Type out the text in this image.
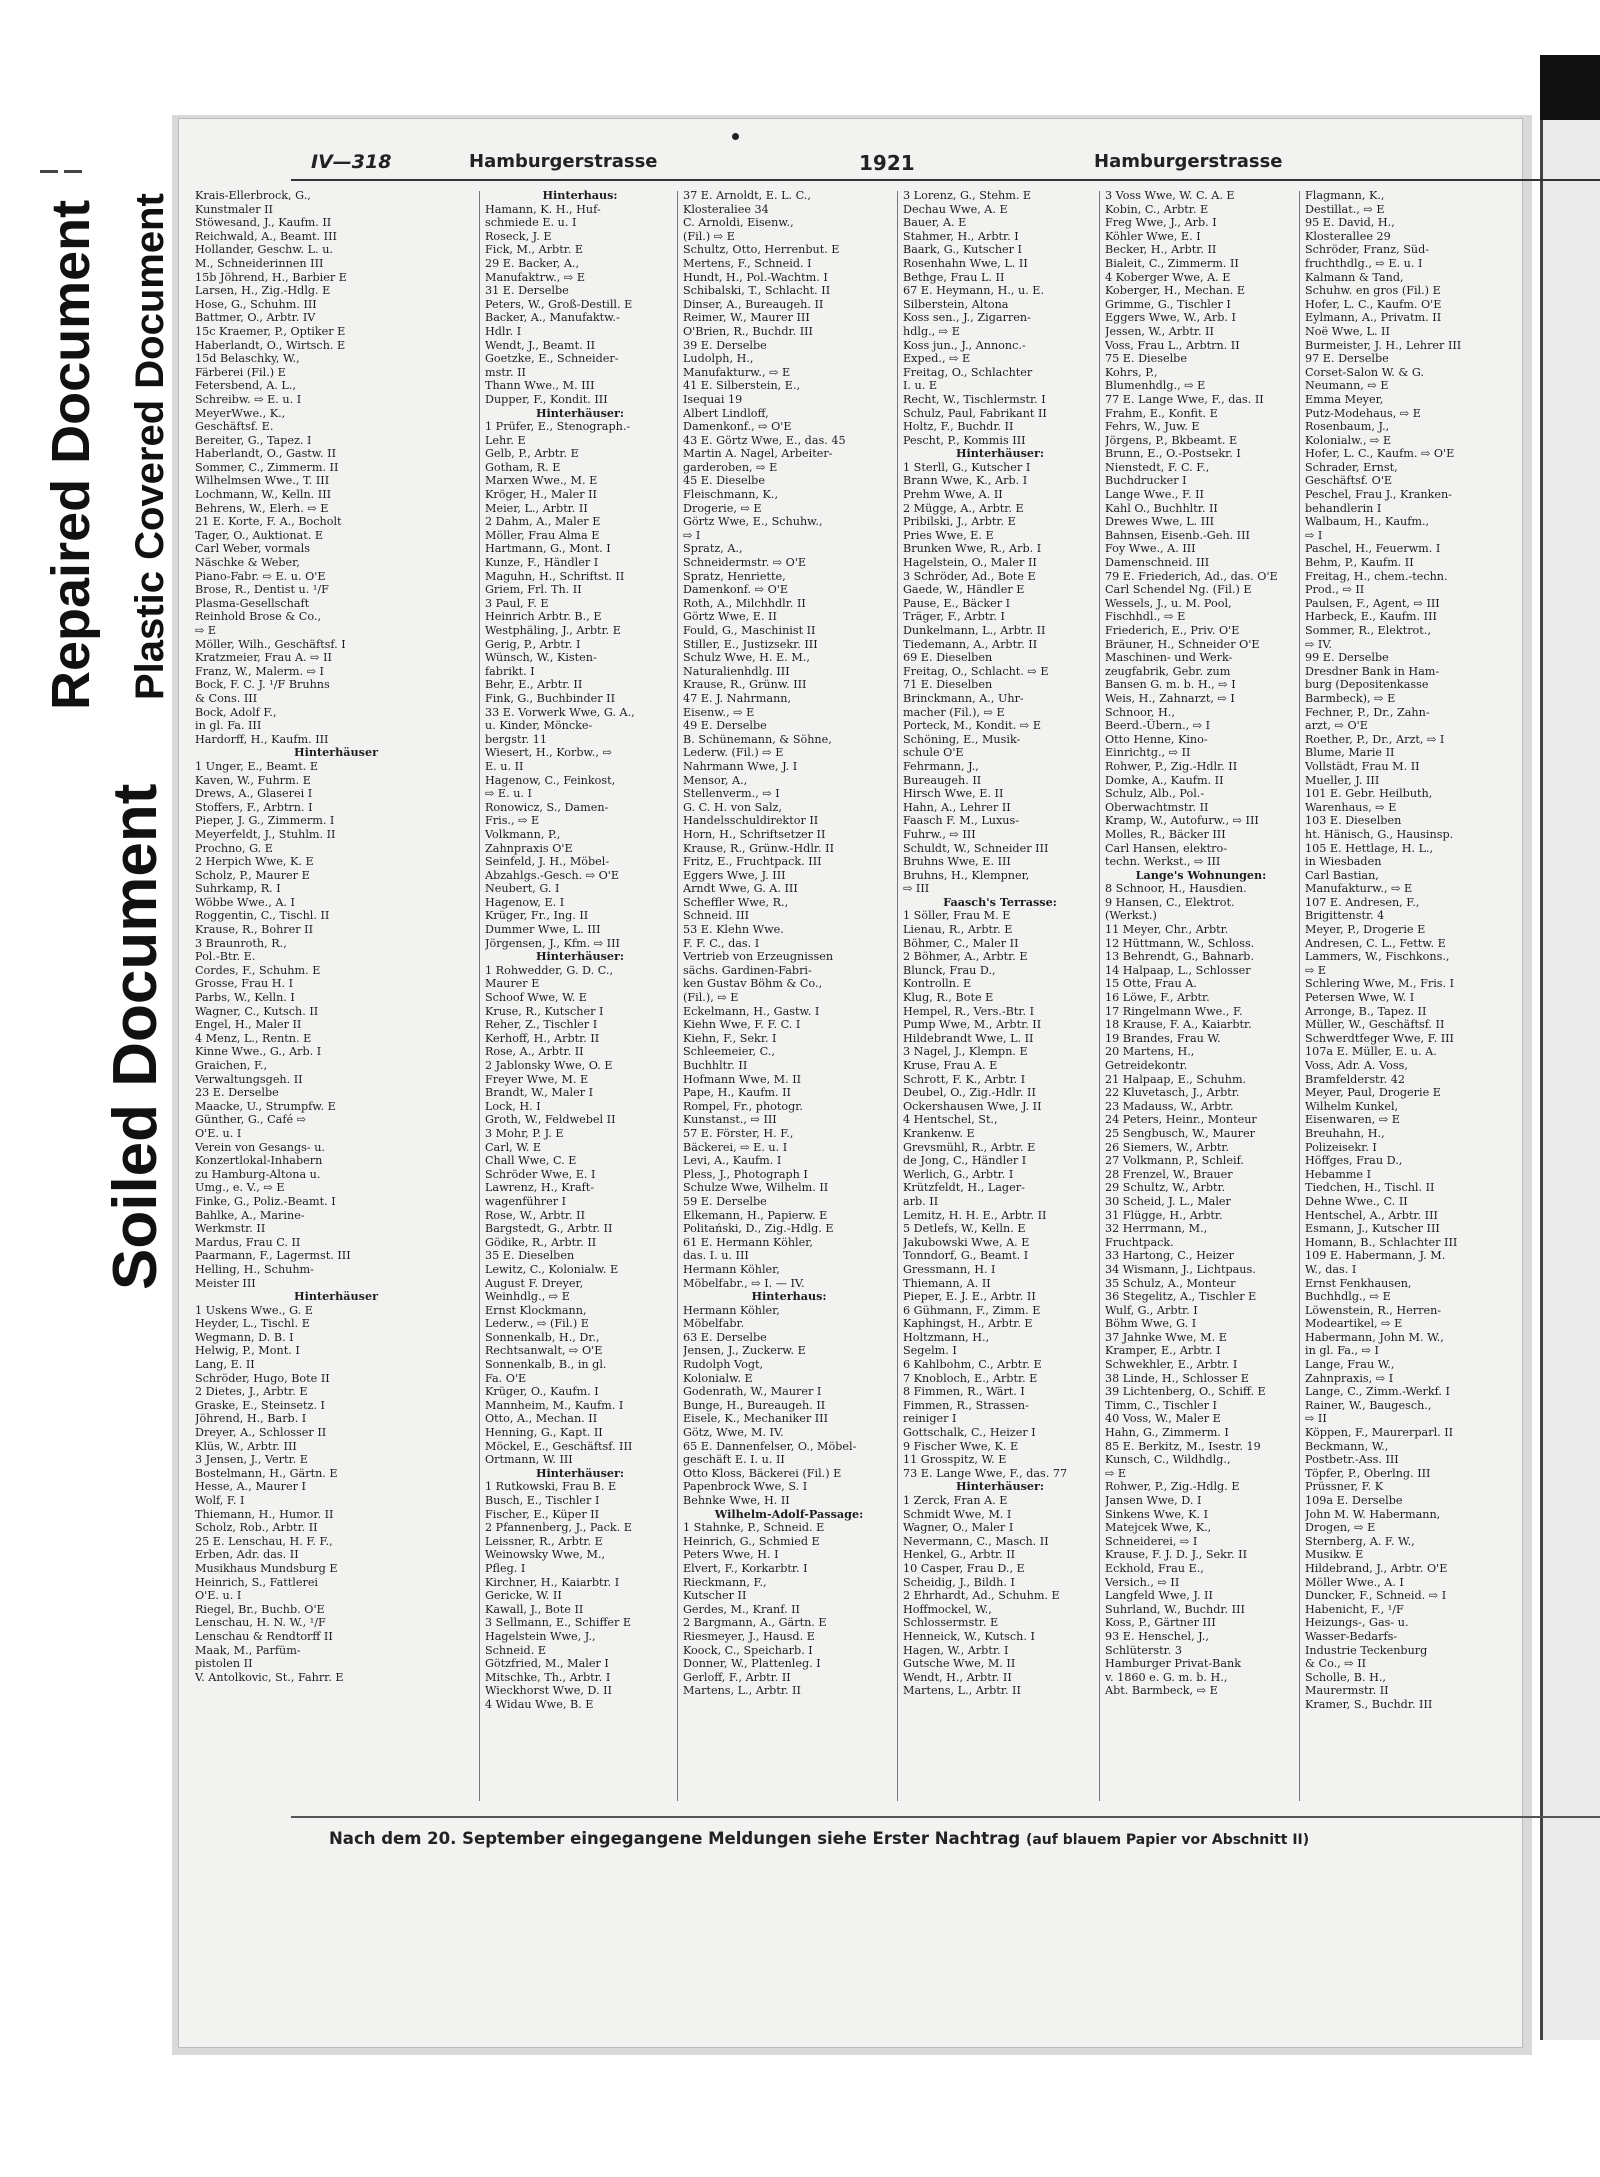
Repaired Document Plastic Covered Document
Soiled Document
IV—318	Hamburgerstrasse	1921	Hamburgerstrasse
Krais-Ellerbrock, G.,
Kunstmaler II
Stöwesand, J., Kaufm. II
Reichwald, A., Beamt. III
Hollander, Geschw. L. u.
M., Schneiderinnen III
15b Jöhrend, H., Barbier E
Larsen, H., Zig.-Hdlg. E
Hose, G., Schuhm. III
Battmer, O., Arbtr. IV
15c Kraemer, P., Optiker E
Haberlandt, O., Wirtsch. E
15d Belaschky, W.,
Färberei (Fil.) E
Fetersbend, A. L.,
Schreibw. ⇨ E. u. I
MeyerWwe., K.,
Geschäftsf. E.
Bereiter, G., Tapez. I
Haberlandt, O., Gastw. II
Sommer, C., Zimmerm. II
Wilhelmsen Wwe., T. III
Lochmann, W., Kelln. III
Behrens, W., Elerh. ⇨ E
21 E. Korte, F. A., Bocholt
Tager, O., Auktionat. E
Carl Weber, vormals
Näschke & Weber,
Piano-Fabr. ⇨ E. u. O'E
Brose, R., Dentist u. ¹/F
Plasma-Gesellschaft
Reinhold Brose & Co.,
⇨ E
Möller, Wilh., Geschäftsf. I
Kratzmeier, Frau A. ⇨ II
Franz, W., Malerm. ⇨ I
Bock, F. C. J. ¹/F Bruhns
& Cons. III
Bock, Adolf F.,
in gl. Fa. III
Hardorff, H., Kaufm. III
Hinterhäuser
1 Unger, E., Beamt. E
Kaven, W., Fuhrm. E
Drews, A., Glaserei I
Stoffers, F., Arbtrn. I
Pieper, J. G., Zimmerm. I
Meyerfeldt, J., Stuhlm. II
Prochno, G. E
2 Herpich Wwe, K. E
Scholz, P., Maurer E
Suhrkamp, R. I
Wöbbe Wwe., A. I
Roggentin, C., Tischl. II
Krause, R., Bohrer II
3 Braunroth, R.,
Pol.-Btr. E.
Cordes, F., Schuhm. E
Grosse, Frau H. I
Parbs, W., Kelln. I
Wagner, C., Kutsch. II
Engel, H., Maler II
4 Menz, L., Rentn. E
Kinne Wwe., G., Arb. I
Graichen, F.,
Verwaltungsgeh. II
23 E. Derselbe
Maacke, U., Strumpfw. E
Günther, G., Café ⇨
O'E. u. I
Verein von Gesangs- u.
Konzertlokal-Inhabern
zu Hamburg-Altona u.
Umg., e. V., ⇨ E
Finke, G., Poliz.-Beamt. I
Bahlke, A., Marine-
Werkmstr. II
Mardus, Frau C. II
Paarmann, F., Lagermst. III
Helling, H., Schuhm-
Meister III
Hinterhäuser
1 Uskens Wwe., G. E
Heyder, L., Tischl. E
Wegmann, D. B. I
Helwig, P., Mont. I
Lang, E. II
Schröder, Hugo, Bote II
2 Dietes, J., Arbtr. E
Graske, E., Steinsetz. I
Jöhrend, H., Barb. I
Dreyer, A., Schlosser II
Klüs, W., Arbtr. III
3 Jensen, J., Vertr. E
Bostelmann, H., Gärtn. E
Hesse, A., Maurer I
Wolf, F. I
Thiemann, H., Humor. II
Scholz, Rob., Arbtr. II
25 E. Lenschau, H. F. F.,
Erben, Adr. das. II
Musikhaus Mundsburg E
Heinrich, S., Fattlerei
O'E. u. I
Riegel, Br., Buchb. O'E
Lenschau, H. N. W., ¹/F
Lenschau & Rendtorff II
Maak, M., Parfüm-
pistolen II
V. Antolkovic, St., Fahrr. E
Hinterhaus:
Hamann, K. H., Huf-
schmiede E. u. I
Roseck, J. E
Fick, M., Arbtr. E
29 E. Backer, A.,
Manufaktrw., ⇨ E
31 E. Derselbe
Peters, W., Groß-Destill. E
Backer, A., Manufaktw.-
Hdlr. I
Wendt, J., Beamt. II
Goetzke, E., Schneider-
mstr. II
Thann Wwe., M. III
Dupper, F., Kondit. III
Hinterhäuser:
1 Prüfer, E., Stenograph.-
Lehr. E
Gelb, P., Arbtr. E
Gotham, R. E
Marxen Wwe., M. E
Kröger, H., Maler II
Meier, L., Arbtr. II
2 Dahm, A., Maler E
Möller, Frau Alma E
Hartmann, G., Mont. I
Kunze, F., Händler I
Maguhn, H., Schriftst. II
Griem, Frl. Th. II
3 Paul, F. E
Heinrich Arbtr. B., E
Westphäling, J., Arbtr. E
Gerig, P., Arbtr. I
Wünsch, W., Kisten-
fabrikt. I
Behr, E., Arbtr. II
Fink, G., Buchbinder II
33 E. Vorwerk Wwe, G. A.,
u. Kinder, Mönckе-
bergstr. 11
Wiesert, H., Korbw., ⇨
E. u. II
Hagenow, C., Feinkost,
⇨ E. u. I
Ronowicz, S., Damen-
Fris., ⇨ E
Volkmann, P.,
Zahnpraxis O'E
Seinfeld, J. H., Möbel-
Abzahlgs.-Gesch. ⇨ O'E
Neubert, G. I
Hagenow, E. I
Krüger, Fr., Ing. II
Dummer Wwe, L. III
Jörgensen, J., Kfm. ⇨ III
Hinterhäuser:
1 Rohwedder, G. D. C.,
Maurer E
Schoof Wwe, W. E
Kruse, R., Kutscher I
Reher, Z., Tischler I
Kerhoff, H., Arbtr. II
Rose, A., Arbtr. II
2 Jablonsky Wwe, O. E
Freyer Wwe, M. E
Brandt, W., Maler I
Lock, H. I
Groth, W., Feldwebel II
3 Mohr, P. J. E
Carl, W. E
Chall Wwe, C. E
Schröder Wwe, E. I
Lawrenz, H., Kraft-
wagenführer I
Rose, W., Arbtr. II
Bargstedt, G., Arbtr. II
Gödike, R., Arbtr. II
35 E. Dieselben
Lewitz, C., Kolonialw. E
August F. Dreyer,
Weinhdlg., ⇨ E
Ernst Klockmann,
Lederw., ⇨ (Fil.) E
Sonnenkalb, H., Dr.,
Rechtsanwalt, ⇨ O'E
Sonnenkalb, B., in gl.
Fa. O'E
Krüger, O., Kaufm. I
Mannheim, M., Kaufm. I
Otto, A., Mechan. II
Henning, G., Kapt. II
Möckel, E., Geschäftsf. III
Ortmann, W. III
Hinterhäuser:
1 Rutkowski, Frau B. E
Busch, E., Tischler I
Fischer, E., Küper II
2 Pfannenberg, J., Pack. E
Leissner, R., Arbtr. E
Weinowsky Wwe, M.,
Pfleg. I
Kirchner, H., Kaiarbtr. I
Gericke, W. II
Kawall, J., Bote II
3 Sellmann, E., Schiffer E
Hagelstein Wwe, J.,
Schneid. E
Götzfried, M., Maler I
Mitschke, Th., Arbtr. I
Wieckhorst Wwe, D. II
4 Widau Wwe, B. E
37 E. Arnoldt, E. L. C.,
Klosteraliee 34
C. Arnoldi, Eisenw.,
(Fil.) ⇨ E
Schultz, Otto, Herrenbut. E
Mertens, F., Schneid. I
Hundt, H., Pol.-Wachtm. I
Schibalski, T., Schlacht. II
Dinser, A., Bureaugeh. II
Reimer, W., Maurer III
O'Brien, R., Buchdr. III
39 E. Derselbe
Ludolph, H.,
Manufakturw., ⇨ E
41 E. Silberstein, E.,
Isequai 19
Albert Lindloff,
Damenkonf., ⇨ O'E
43 E. Görtz Wwe, E., das. 45
Martin A. Nagel, Arbeiter-
garderoben, ⇨ E
45 E. Dieselbe
Fleischmann, K.,
Drogerie, ⇨ E
Görtz Wwe, E., Schuhw.,
⇨ I
Spratz, A.,
Schneidermstr. ⇨ O'E
Spratz, Henriette,
Damenkonf. ⇨ O'E
Roth, A., Milchhdlr. II
Görtz Wwe, E. II
Fould, G., Maschinist II
Stiller, E., Justizsekr. III
Schulz Wwe, H. E. M.,
Naturalienhdlg. III
Krause, R., Grünw. III
47 E. J. Nahrmann,
Eisenw., ⇨ E
49 E. Derselbe
B. Schünemann, & Söhne,
Lederw. (Fil.) ⇨ E
Nahrmann Wwe, J. I
Mensor, A.,
Stellenverm., ⇨ I
G. C. H. von Salz,
Handelsschuldirektor II
Horn, H., Schriftsetzer II
Krause, R., Grünw.-Hdlr. II
Fritz, E., Fruchtpack. III
Eggers Wwe, J. III
Arndt Wwe, G. A. III
Scheffler Wwe, R.,
Schneid. III
53 E. Klehn Wwe.
F. F. C., das. I
Vertrieb von Erzeugnissen
sächs. Gardinen-Fabri-
ken Gustav Böhm & Co.,
(Fil.), ⇨ E
Eckelmann, H., Gastw. I
Kiehn Wwe, F. F. C. I
Kiehn, F., Sekr. I
Schleemeier, C.,
Buchhltr. II
Hofmann Wwe, M. II
Pape, H., Kaufm. II
Rompel, Fr., photogr.
Kunstanst., ⇨ III
57 E. Förster, H. F.,
Bäckerei, ⇨ E. u. I
Levi, A., Kaufm. I
Pless, J., Photograph I
Schulze Wwe, Wilhelm. II
59 E. Derselbe
Elkemann, H., Papierw. E
Politański, D., Zig.-Hdlg. E
61 E. Hermann Köhler,
das. I. u. III
Hermann Köhler,
Möbelfabr., ⇨ I. — IV.
Hinterhaus:
Hermann Köhler,
Möbelfabr.
63 E. Derselbe
Jensen, J., Zuckerw. E
Rudolph Vogt,
Kolonialw. E
Godenrath, W., Maurer I
Bunge, H., Bureaugeh. II
Eisele, K., Mechaniker III
Götz, Wwe, M. IV.
65 E. Dannenfelser, O., Möbel-
geschäft E. I. u. II
Otto Kloss, Bäckerei (Fil.) E
Papenbrock Wwe, S. I
Behnke Wwe, H. II
Wilhelm-Adolf-Passage:
1 Stahnke, P., Schneid. E
Heinrich, G., Schmied E
Peters Wwe, H. I
Elvert, F., Korkarbtr. I
Rieckmann, F.,
Kutscher II
Gerdes, M., Kranf. II
2 Bargmann, A., Gärtn. E
Riesmeyer, J., Hausd. E
Koock, C., Speicharb. I
Donner, W., Plattenleg. I
Gerloff, F., Arbtr. II
Martens, L., Arbtr. II
3 Lorenz, G., Stehm. E
Dechau Wwe, A. E
Bauer, A. E
Stahmer, H., Arbtr. I
Baark, G., Kutscher I
Rosenhahn Wwe, L. II
Bethge, Frau L. II
67 E. Heymann, H., u. E.
Silberstein, Altona
Koss sen., J., Zigarren-
hdlg., ⇨ E
Koss jun., J., Annonc.-
Exped., ⇨ E
Freitag, O., Schlachter
I. u. E
Recht, W., Tischlermstr. I
Schulz, Paul, Fabrikant II
Holtz, F., Buchdr. II
Pescht, P., Kommis III
Hinterhäuser:
1 Sterll, G., Kutscher I
Brann Wwe, K., Arb. I
Prehm Wwe, A. II
2 Mügge, A., Arbtr. E
Pribilski, J., Arbtr. E
Pries Wwe, E. E
Brunken Wwe, R., Arb. I
Hagelstein, O., Maler II
3 Schröder, Ad., Bote E
Gaede, W., Händler E
Pause, E., Bäcker I
Träger, F., Arbtr. I
Dunkelmann, L., Arbtr. II
Tiedemann, A., Arbtr. II
69 E. Dieselben
Freitag, O., Schlacht. ⇨ E
71 E. Dieselben
Brinckmann, A., Uhr-
macher (Fil.), ⇨ E
Porteck, M., Kondit. ⇨ E
Schöning, E., Musik-
schule O'E
Fehrmann, J.,
Bureaugeh. II
Hirsch Wwe, E. II
Hahn, A., Lehrer II
Faasch F. M., Luxus-
Fuhrw., ⇨ III
Schuldt, W., Schneider III
Bruhns Wwe, E. III
Bruhns, H., Klempner,
⇨ III
Faasch's Terrasse:
1 Söller, Frau M. E
Lienau, R., Arbtr. E
Böhmer, C., Maler II
2 Böhmer, A., Arbtr. E
Blunck, Frau D.,
Kontrolln. E
Klug, R., Bote E
Hempel, R., Vers.-Btr. I
Pump Wwe, M., Arbtr. II
Hildebrandt Wwe, L. II
3 Nagel, J., Klempn. E
Kruse, Frau A. E
Schrott, F. K., Arbtr. I
Deubel, O., Zig.-Hdlr. II
Ockershausen Wwe, J. II
4 Hentschel, St.,
Krankenw. E
Grevsmühl, R., Arbtr. E
de Jong, C., Händler I
Werlich, G., Arbtr. I
Krützfeldt, H., Lager-
arb. II
Lemitz, H. H. E., Arbtr. II
5 Detlefs, W., Kelln. E
Jakubowski Wwe, A. E
Tonndorf, G., Beamt. I
Gressmann, H. I
Thiemann, A. II
Pieper, E. J. E., Arbtr. II
6 Gühmann, F., Zimm. E
Kaphingst, H., Arbtr. E
Holtzmann, H.,
Segelm. I
6 Kahlbohm, C., Arbtr. E
7 Knobloch, E., Arbtr. E
8 Fimmen, R., Wärt. I
Fimmen, R., Strassen-
reiniger I
Gottschalk, C., Heizer I
9 Fischer Wwe, K. E
11 Grosspitz, W. E
73 E. Lange Wwe, F., das. 77
Hinterhäuser:
1 Zerck, Fran A. E
Schmidt Wwe, M. I
Wagner, O., Maler I
Nevermann, C., Masch. II
Henkel, G., Arbtr. II
10 Casper, Frau D., E
Scheidig, J., Bildh. I
2 Ehrhardt, Ad., Schuhm. E
Hoffmockel, W.,
Schlossermstr. E
Henneick, W., Kutsch. I
Hagen, W., Arbtr. I
Gutsche Wwe, M. II
Wendt, H., Arbtr. II
Martens, L., Arbtr. II
3 Voss Wwe, W. C. A. E
Kobin, C., Arbtr. E
Freg Wwe, J., Arb. I
Köhler Wwe, E. I
Becker, H., Arbtr. II
Bialeit, C., Zimmerm. II
4 Koberger Wwe, A. E
Koberger, H., Mechan. E
Grimme, G., Tischler I
Eggers Wwe, W., Arb. I
Jessen, W., Arbtr. II
Voss, Frau L., Arbtrn. II
75 E. Dieselbe
Kohrs, P.,
Blumenhdlg., ⇨ E
77 E. Lange Wwe, F., das. II
Frahm, E., Konfit. E
Fehrs, W., Juw. E
Jörgens, P., Bkbeamt. E
Brunn, E., O.-Postsekr. I
Nienstedt, F. C. F.,
Buchdrucker I
Lange Wwe., F. II
Kahl O., Buchhltr. II
Drewes Wwe, L. III
Bahnsen, Eisenb.-Geh. III
Foy Wwe., A. III
Damenschneid. III
79 E. Friederich, Ad., das. O'E
Carl Schendel Ng. (Fil.) E
Wessels, J., u. M. Pool,
Fischhdl., ⇨ E
Friederich, E., Priv. O'E
Bräuner, H., Schneider O'E
Maschinen- und Werk-
zeugfabrik, Gebr. zum
Bansen G. m. b. H., ⇨ I
Weis, H., Zahnarzt, ⇨ I
Schnoor, H.,
Beerd.-Übern., ⇨ I
Otto Henne, Kino-
Einrichtg., ⇨ II
Rohwer, P., Zig.-Hdlr. II
Domke, A., Kaufm. II
Schulz, Alb., Pol.-
Oberwachtmstr. II
Kramp, W., Autofurw., ⇨ III
Molles, R., Bäcker III
Carl Hansen, elektro-
techn. Werkst., ⇨ III
Lange's Wohnungen:
8 Schnoor, H., Hausdien.
9 Hansen, C., Elektrot.
(Werkst.)
11 Meyer, Chr., Arbtr.
12 Hüttmann, W., Schloss.
13 Behrendt, G., Bahnarb.
14 Halpaap, L., Schlosser
15 Otte, Frau A.
16 Löwe, F., Arbtr.
17 Ringelmann Wwe., F.
18 Krause, F. A., Kaiarbtr.
19 Brandes, Frau W.
20 Martens, H.,
Getreidekontr.
21 Halpaap, E., Schuhm.
22 Kluvetasch, J., Arbtr.
23 Madauss, W., Arbtr.
24 Peters, Heinr., Monteur
25 Sengbusch, W., Maurer
26 Siemers, W., Arbtr.
27 Volkmann, P., Schleif.
28 Frenzel, W., Brauer
29 Schultz, W., Arbtr.
30 Scheid, J. L., Maler
31 Flügge, H., Arbtr.
32 Herrmann, M.,
Fruchtpack.
33 Hartong, C., Heizer
34 Wismann, J., Lichtpaus.
35 Schulz, A., Monteur
36 Stegelitz, A., Tischler E
Wulf, G., Arbtr. I
Böhm Wwe, G. I
37 Jahnke Wwe, M. E
Kramper, E., Arbtr. I
Schwekhler, E., Arbtr. I
38 Linde, H., Schlosser E
39 Lichtenberg, O., Schiff. E
Timm, C., Tischler I
40 Voss, W., Maler E
Hahn, G., Zimmerm. I
85 E. Berkitz, M., Isestr. 19
Kunsch, C., Wildhdlg.,
⇨ E
Rohwer, P., Zig.-Hdlg. E
Jansen Wwe, D. I
Sinkens Wwe, K. I
Matejcek Wwe, K.,
Schneiderei, ⇨ I
Krause, F. J. D. J., Sekr. II
Eckhold, Frau E.,
Versich., ⇨ II
Langfeld Wwe, J. II
Suhrland, W., Buchdr. III
Koss, P., Gärtner III
93 E. Henschel, J.,
Schlüterstr. 3
Hamburger Privat-Bank
v. 1860 e. G. m. b. H.,
Abt. Barmbeck, ⇨ E
Flagmann, K.,
Destillat., ⇨ E
95 E. David, H.,
Klosterallee 29
Schröder, Franz, Süd-
fruchthdlg., ⇨ E. u. I
Kalmann & Tand,
Schuhw. en gros (Fil.) E
Hofer, L. C., Kaufm. O'E
Eylmann, A., Privatm. II
Noë Wwe, L. II
Burmeister, J. H., Lehrer III
97 E. Derselbe
Corset-Salon W. & G.
Neumann, ⇨ E
Emma Meyer,
Putz-Modehaus, ⇨ E
Rosenbaum, J.,
Kolonialw., ⇨ E
Hofer, L. C., Kaufm. ⇨ O'E
Schrader, Ernst,
Geschäftsf. O'E
Peschel, Frau J., Kranken-
behandlerin I
Walbaum, H., Kaufm.,
⇨ I
Paschel, H., Feuerwm. I
Behm, P., Kaufm. II
Freitag, H., chem.-techn.
Prod., ⇨ II
Paulsen, F., Agent, ⇨ III
Harbeck, E., Kaufm. III
Sommer, R., Elektrot.,
⇨ IV.
99 E. Derselbe
Dresdner Bank in Ham-
burg (Depositenkasse
Barmbeck), ⇨ E
Fechner, P., Dr., Zahn-
arzt, ⇨ O'E
Roether, P., Dr., Arzt, ⇨ I
Blume, Marie II
Vollstädt, Frau M. II
Mueller, J. III
101 E. Gebr. Heilbuth,
Warenhaus, ⇨ E
103 E. Dieselben
ht. Hänisch, G., Hausinsp.
105 E. Hettlage, H. L.,
in Wiesbaden
Carl Bastian,
Manufakturw., ⇨ E
107 E. Andresen, F.,
Brigittenstr. 4
Meyer, P., Drogerie E
Andresen, C. L., Fettw. E
Lammers, W., Fischkons.,
⇨ E
Schlering Wwe, M., Fris. I
Petersen Wwe, W. I
Arronge, B., Tapez. II
Müller, W., Geschäftsf. II
Schwerdtfeger Wwe, F. III
107a E. Müller, E. u. A.
Voss, Adr. A. Voss,
Bramfelderstr. 42
Meyer, Paul, Drogerie E
Wilhelm Kunkel,
Eisenwaren, ⇨ E
Breuhahn, H.,
Polizeisekr. I
Höffges, Frau D.,
Hebamme I
Tiedchen, H., Tischl. II
Dehne Wwe., C. II
Hentschel, A., Arbtr. III
Esmann, J., Kutscher III
Homann, B., Schlachter III
109 E. Habermann, J. M.
W., das. I
Ernst Fenkhausen,
Buchhdlg., ⇨ E
Löwenstein, R., Herren-
Modeartikel, ⇨ E
Habermann, John M. W.,
in gl. Fa., ⇨ I
Lange, Frau W.,
Zahnpraxis, ⇨ I
Lange, C., Zimm.-Werkf. I
Rainer, W., Baugesch.,
⇨ II
Köppen, F., Maurerparl. II
Beckmann, W.,
Postbetr.-Ass. III
Töpfer, P., Oberlng. III
Prüssner, F. K
109a E. Derselbe
John M. W. Habermann,
Drogen, ⇨ E
Sternberg, A. F. W.,
Musikw. E
Hildebrand, J., Arbtr. O'E
Möller Wwe., A. I
Duncker, F., Schneid. ⇨ I
Habenicht, F., ¹/F
Heizungs-, Gas- u.
Wasser-Bedarfs-
Industrie Teckenburg
& Co., ⇨ II
Scholle, B. H.,
Maurermstr. II
Kramer, S., Buchdr. III
Nach dem 20. September eingegangene Meldungen siehe Erster Nachtrag (auf blauem Papier vor Abschnitt II)
